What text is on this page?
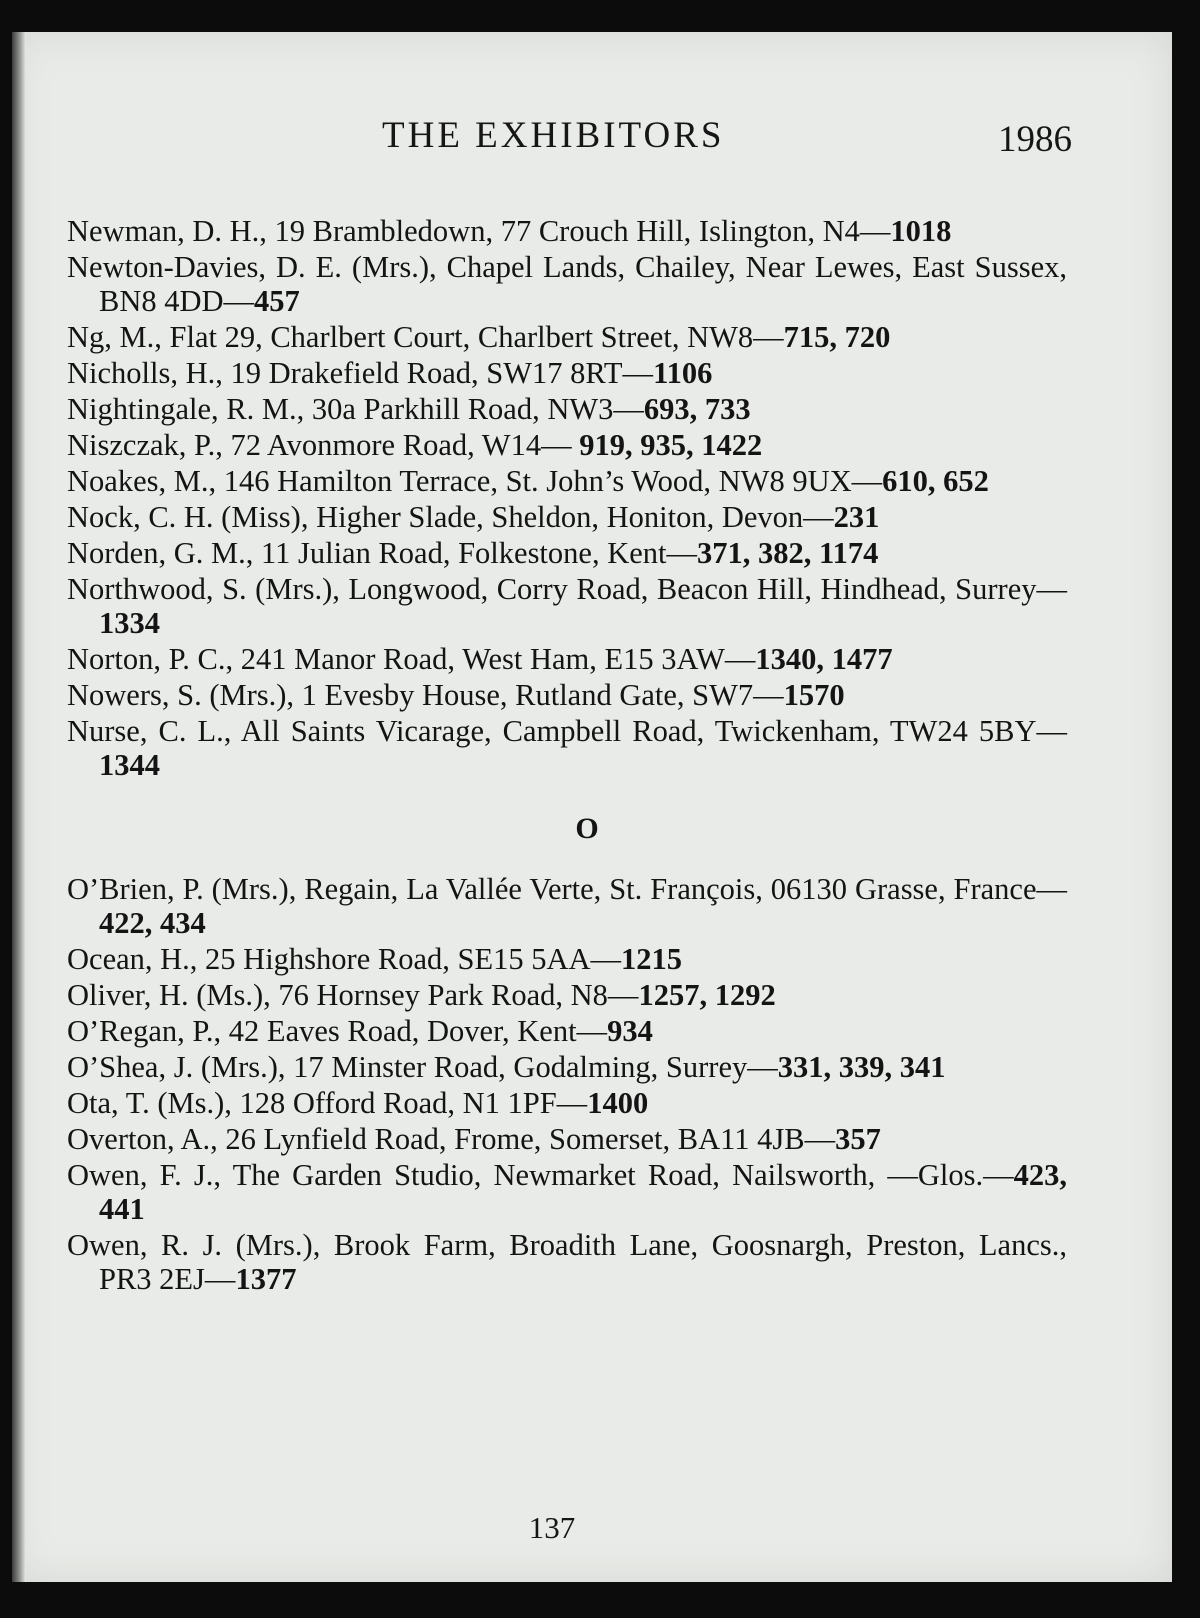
THE EXHIBITORS	1986
Newman, D. H., 19 Brambledown, 77 Crouch Hill, Islington, N4—1018
Newton-Davies, D. E. (Mrs.), Chapel Lands, Chailey, Near Lewes, East Sussex, BN8 4DD—457
Ng, M., Flat 29, Charlbert Court, Charlbert Street, NW8—715, 720
Nicholls, H., 19 Drakefield Road, SW17 8RT—1106
Nightingale, R. M., 30a Parkhill Road, NW3—693, 733
Niszczak, P., 72 Avonmore Road, W14— 919, 935, 1422
Noakes, M., 146 Hamilton Terrace, St. John’s Wood, NW8 9UX—610, 652
Nock, C. H. (Miss), Higher Slade, Sheldon, Honiton, Devon—231
Norden, G. M., 11 Julian Road, Folkestone, Kent—371, 382, 1174
Northwood, S. (Mrs.), Longwood, Corry Road, Beacon Hill, Hindhead, Surrey—1334
Norton, P. C., 241 Manor Road, West Ham, E15 3AW—1340, 1477
Nowers, S. (Mrs.), 1 Evesby House, Rutland Gate, SW7—1570
Nurse, C. L., All Saints Vicarage, Campbell Road, Twickenham, TW24 5BY—1344
O
O’Brien, P. (Mrs.), Regain, La Vallée Verte, St. François, 06130 Grasse, France—422, 434
Ocean, H., 25 Highshore Road, SE15 5AA—1215
Oliver, H. (Ms.), 76 Hornsey Park Road, N8—1257, 1292
O’Regan, P., 42 Eaves Road, Dover, Kent—934
O’Shea, J. (Mrs.), 17 Minster Road, Godalming, Surrey—331, 339, 341
Ota, T. (Ms.), 128 Offord Road, N1 1PF—1400
Overton, A., 26 Lynfield Road, Frome, Somerset, BA11 4JB—357
Owen, F. J., The Garden Studio, Newmarket Road, Nailsworth, —Glos.—423, 441
Owen, R. J. (Mrs.), Brook Farm, Broadith Lane, Goosnargh, Preston, Lancs., PR3 2EJ—1377
137
